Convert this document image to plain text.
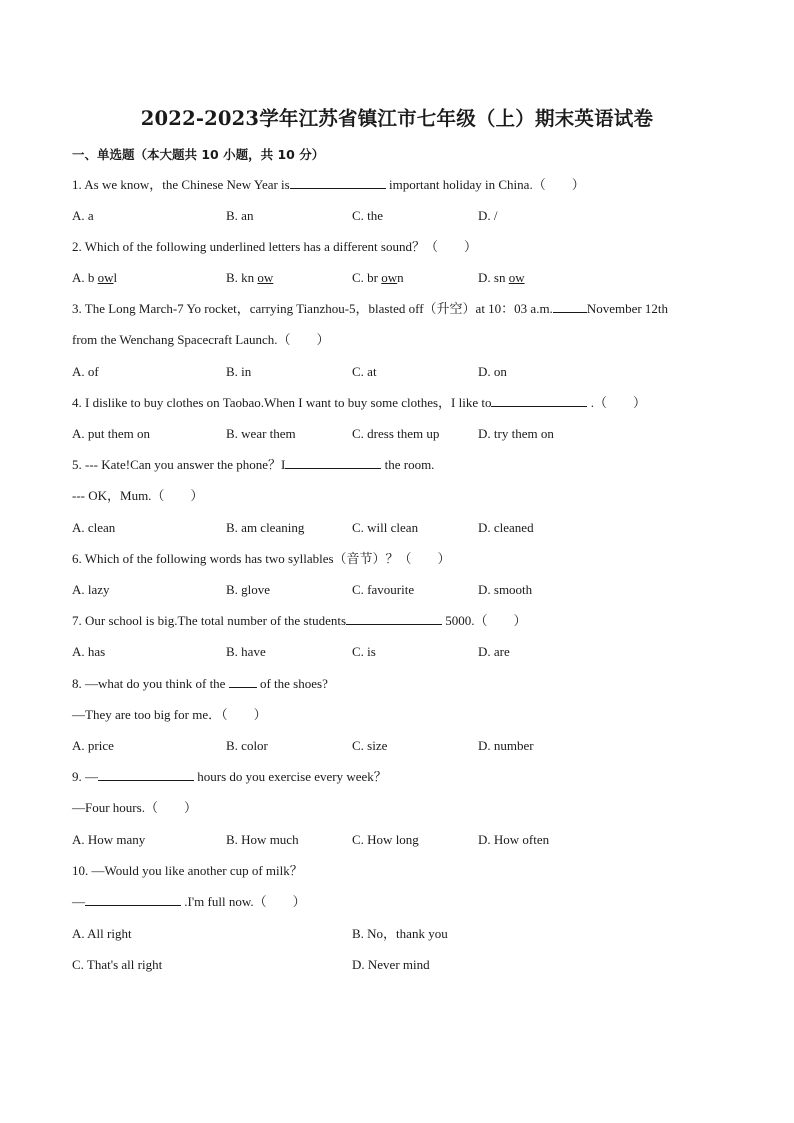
2022-2023学年江苏省镇江市七年级（上）期末英语试卷
一、单选题（本大题共 10 小题，共 10 分）
1. As we know，the Chinese New Year is	important holiday in China.（　　）
A. a	B. an	C. the	D. /
2. Which of the following underlined letters has a different sound？（　　）
A. b owl	B. kn ow	C. br own	D. sn ow
3. The Long March-7 Yo rocket，carrying Tianzhou-5，blasted off（升空）at 10：03 a.m.	November 12th
from the Wenchang Spacecraft Launch.（　　）
A. of	B. in	C. at	D. on
4. I dislike to buy clothes on Taobao.When I want to buy some clothes，I like to	.（　　）
A. put them on	B. wear them	C. dress them up	D. try them on
5. --- Kate!Can you answer the phone？I	the room.
--- OK，Mum.（　　）
A. clean	B. am cleaning	C. will clean	D. cleaned
6. Which of the following words has two syllables（音节）？（　　）
A. lazy	B. glove	C. favourite	D. smooth
7. Our school is big.The total number of the students	5000.（　　）
A. has	B. have	C. is	D. are
8. —what do you think of the  of the shoes?
—They are too big for me．（　　）
A. price	B. color	C. size	D. number
9. —	hours do you exercise every week？
—Four hours.（　　）
A. How many	B. How much	C. How long	D. How often
10. —Would you like another cup of milk？
—	.I'm full now.（　　）
A. All right	B. No，thank you
C. That's all right	D. Never mind
